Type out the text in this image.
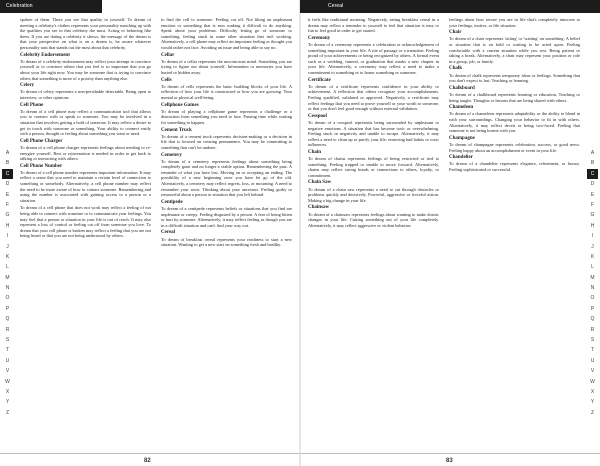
Celebration
A
B
C
D
E
F
G
H
I
J
K
L
M
N
O
P
Q
R
S
T
U
V
W
X
Y
Z
spoken of them. There you see that quality in yourself. To dream of meeting a celebrity's clothes represents your personality matching up with the qualities you see in that celebrity the most. Acting or behaving like them. If you are dating a celebrity it shows, the message of the dream is that your perspective on what is on a dream is, be aware whatever personality trait that stands out the most about that celebrity.
Celebrity Endorsement
To dream of a celebrity endorsement may reflect your attempt to convince yourself or to convince others that you feel is so important that you go about your life right now. You may be someone that is trying to convince others that something is more of a priority than anything else.
Celery
To dream of celery represents a non-perishable detectable. Being open to interview, or other opinions.
Cell Phone
To dream of a cell phone may reflect a communication tool that allows you to connect with or speak to someone. You may be involved in a situation that involves getting a hold of someone. It may reflect a desire to get in touch with someone or something. Your ability to connect easily with a person, thought or feeling about something you want or need.
Cell Phone Charger
To dream of a cell phone charger represents feelings about needing to re-energize yourself. Rest or rejuvenation is needed in order to get back to talking or interacting with others.
Cell Phone Number
To dream of a cell phone number represents important information. It may reflect a sense that you need to maintain a certain level of connection to something or somebody. Alternatively, a cell phone number may reflect the need to be more aware of how to contact someone. Remembering and using the number is associated with gaining access to a person or a situation.
To dream of a cell phone that does not work may reflect a feeling of not being able to connect with someone or to communicate your feelings. You may feel that a person or situation in your life is out of reach. It may also represent a loss of control or feeling cut off from someone you love. To dream that your cell phone is broken may reflect a feeling that you are not being heard or that you are not being understood by others.
to find the cell to someone. Feeling cut off. Not liking an unpleasant emotion or something that is now making it difficult to do anything. Speak about your problems. Difficulty letting go of someone or something, feeling stuck in some other situation that isn't working. Alternatively, a cell phone may reflect an important feeling or thought you would rather not face. Avoiding an issue and being able to say no.
Cellar
To dream of a cellar represents the unconscious mind. Something you are trying to figure out about yourself. Information or memories you have buried or hidden away.
Cells
To dream of cells represents the basic building blocks of your life. A reflection of how your life is constructed or how you are growing. Your mental or physical well-being.
Cellphone Games
To dream of playing a cellphone game represents a challenge or a distraction from something you need to face. Passing time while waiting for something to happen.
Cement Truck
To dream of a cement truck represents decision-making or a decision in life that is focused on creating permanence. You may be committing to something that can't be undone.
Cemetery
To dream of a cemetery represents feelings about something being completely gone and no longer a viable option. Remembering the past. A reminder of what you have lost. Moving on or accepting an ending. The possibility of a new beginning once you have let go of the old. Alternatively, a cemetery may reflect regrets, loss, or mourning. A need to remember your roots. Thinking about your ancestors. Feeling guilty or remorseful about a person or situation that you left behind.
Centipede
To dream of a centipede represents beliefs or situations that you find are unpleasant or creepy. Feeling disgusted by a person. A fear of being bitten or hurt by someone. Alternatively, it may reflect feeling as though you are in a difficult situation and can't find your way out.
Cereal
To dream of breakfast cereal represents your readiness to start a new situation. Wanting to get a new start on something fresh and healthy.
82
Cereal
A
B
C
D
E
F
G
H
I
J
K
L
M
N
O
P
Q
R
S
T
U
V
W
X
Y
Z
it feels like traditional morning. Negatively, eating breakfast cereal in a dream may reflect a reminder to yourself to feel that situation is easy or fun to feel good in order to get started.
Ceremony
To dream of a ceremony represents a celebration or acknowledgement of something important in your life. A rite of passage or a transition. Feeling proud of your achievements or being recognized by others. A formal event such as a wedding, funeral, or graduation that marks a new chapter in your life. Alternatively, a ceremony may reflect a need to make a commitment to something or to honor something or someone.
Certificate
To dream of a certificate represents confidence in your ability or achievement. A reflection that others recognize your accomplishments. Feeling qualified, validated or approved. Negatively, a certificate may reflect feelings that you need to prove yourself or your worth to someone, or that you don't feel good enough without external validation.
Cesspool
To dream of a cesspool represents being surrounded by unpleasant or negative emotions. A situation that has become toxic or overwhelming. Feeling stuck in negativity and unable to escape. Alternatively, it may reflect a need to clean up or purify your life, removing bad habits or toxic influences.
Chain
To dream of chains represents feelings of being restricted or tied to something. Feeling trapped or unable to move forward. Alternatively, chains may reflect strong bonds or connections to others, loyalty, or commitment.
Chain Saw
To dream of a chain saw represents a need to cut through obstacles or problems quickly and decisively. Powerful, aggressive or forceful action. Making a big change in your life.
Chainsaw
To dream of a chainsaw represents feelings about wanting to make drastic changes in your life. Cutting something out of your life completely. Alternatively, it may reflect aggressive or violent behavior.
feelings about how secure you are in life that's completely innocent to your feelings, motive, or life situation.
Chair
To dream of a chair represents 'sitting' or 'waiting' on something. A belief or situation that is on hold or waiting to be acted upon. Feeling comfortable with a current situation while you rest. Being patient or taking a break. Alternatively, a chair may represent your position or role in a group, job, or family.
Chalk
To dream of chalk represents temporary ideas or feelings. Something that you don't expect to last. Teaching or learning.
Chalkboard
To dream of a chalkboard represents learning or education. Teaching or being taught. Thoughts or lessons that are being shared with others.
Chameleon
To dream of a chameleon represents adaptability or the ability to blend in with your surroundings. Changing your behavior to fit in with others. Alternatively, it may reflect deceit or being two-faced. Feeling that someone is not being honest with you.
Champagne
To dream of champagne represents celebration, success, or good news. Feeling happy about an accomplishment or event in your life.
Chandelier
To dream of a chandelier represents elegance, refinement, or luxury. Feeling sophisticated or successful.
83
